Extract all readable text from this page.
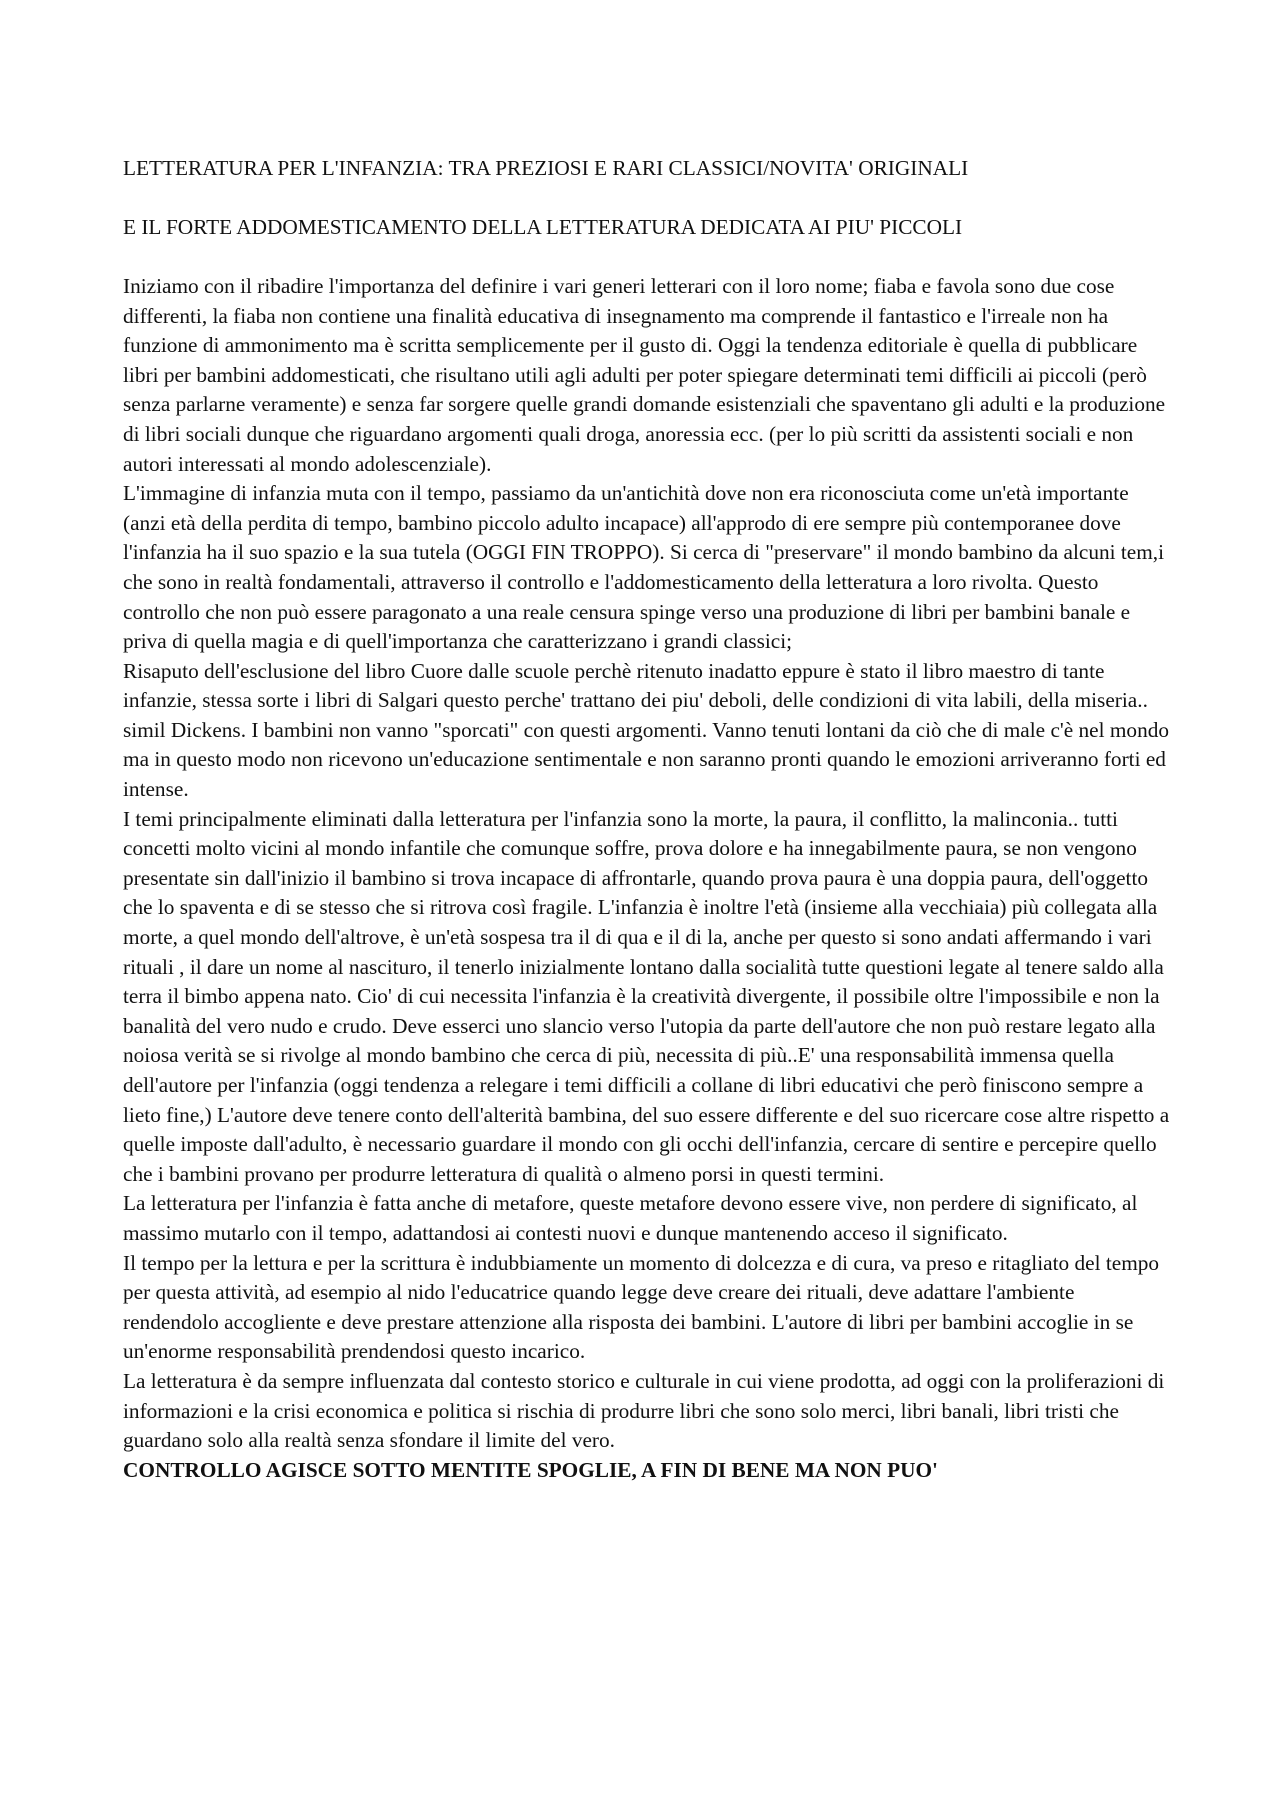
LETTERATURA PER L'INFANZIA: TRA PREZIOSI E RARI CLASSICI/NOVITA' ORIGINALI

E IL FORTE ADDOMESTICAMENTO DELLA LETTERATURA DEDICATA AI PIU' PICCOLI

Iniziamo con il ribadire l'importanza del definire i vari generi letterari con il loro nome; fiaba e favola sono due cose differenti, la fiaba non contiene una finalità educativa di insegnamento ma comprende il fantastico e l'irreale non ha funzione di ammonimento ma è scritta semplicemente per il gusto di. Oggi la tendenza editoriale è quella di pubblicare libri per bambini addomesticati, che risultano utili agli adulti per poter spiegare determinati temi difficili ai piccoli (però senza parlarne veramente) e senza far sorgere quelle grandi domande esistenziali che spaventano gli adulti e la produzione di libri sociali dunque che riguardano argomenti quali droga, anoressia ecc. (per lo più scritti da assistenti sociali e non autori interessati al mondo adolescenziale).

L'immagine di infanzia muta con il tempo, passiamo da un'antichità dove non era riconosciuta come un'età importante (anzi età della perdita di tempo, bambino piccolo adulto incapace) all'approdo di ere sempre più contemporanee dove l'infanzia ha il suo spazio e la sua tutela (OGGI FIN TROPPO). Si cerca di "preservare" il mondo bambino da alcuni tem,i che sono in realtà fondamentali, attraverso il controllo e l'addomesticamento della letteratura a loro rivolta. Questo controllo che non può essere paragonato a una reale censura spinge verso una produzione di libri per bambini banale e priva di quella magia e di quell'importanza che caratterizzano i grandi classici;

Risaputo dell'esclusione del libro Cuore dalle scuole perchè ritenuto inadatto eppure è stato il libro maestro di tante infanzie, stessa sorte i libri di Salgari questo perche' trattano dei piu' deboli, delle condizioni di vita labili, della miseria.. simil Dickens. I bambini non vanno "sporcati" con questi argomenti. Vanno tenuti lontani da ciò che di male c'è nel mondo ma in questo modo non ricevono un'educazione sentimentale e non saranno pronti quando le emozioni arriveranno forti ed intense.

I temi principalmente eliminati dalla letteratura per l'infanzia sono la morte, la paura, il conflitto, la malinconia.. tutti concetti molto vicini al mondo infantile che comunque soffre, prova dolore e ha innegabilmente paura, se non vengono presentate sin dall'inizio il bambino si trova incapace di affrontarle, quando prova paura è una doppia paura, dell'oggetto che lo spaventa e di se stesso che si ritrova così fragile. L'infanzia è inoltre l'età (insieme alla vecchiaia) più collegata alla morte, a quel mondo dell'altrove, è un'età sospesa tra il di qua e il di la, anche per questo si sono andati affermando i vari rituali , il dare un nome al nascituro, il tenerlo inizialmente lontano dalla socialità tutte questioni legate al tenere saldo alla terra il bimbo appena nato. Cio' di cui necessita l'infanzia è la creatività divergente, il possibile oltre l'impossibile e non la banalità del vero nudo e crudo. Deve esserci uno slancio verso l'utopia da parte dell'autore che non può restare legato alla noiosa verità se si rivolge al mondo bambino che cerca di più, necessita di più..E' una responsabilità immensa quella dell'autore per l'infanzia (oggi tendenza a relegare i temi difficili a collane di libri educativi che però finiscono sempre a lieto fine,) L'autore deve tenere conto dell'alterità bambina, del suo essere differente e del suo ricercare cose altre rispetto a quelle imposte dall'adulto, è necessario guardare il mondo con gli occhi dell'infanzia, cercare di sentire e percepire quello che i bambini provano per produrre letteratura di qualità o almeno porsi in questi termini.

La letteratura per l'infanzia è fatta anche di metafore, queste metafore devono essere vive, non perdere di significato, al massimo mutarlo con il tempo, adattandosi ai contesti nuovi e dunque mantenendo acceso il significato.

Il tempo per la lettura e per la scrittura è indubbiamente un momento di dolcezza e di cura, va preso e ritagliato del tempo per questa attività, ad esempio al nido l'educatrice quando legge deve creare dei rituali, deve adattare l'ambiente rendendolo accogliente e deve prestare attenzione alla risposta dei bambini. L'autore di libri per bambini accoglie in se un'enorme responsabilità prendendosi questo incarico.

La letteratura è da sempre influenzata dal contesto storico e culturale in cui viene prodotta, ad oggi con la proliferazioni di informazioni e la crisi economica e politica si rischia di produrre libri che sono solo merci, libri banali, libri tristi che guardano solo alla realtà senza sfondare il limite del vero.

CONTROLLO AGISCE SOTTO MENTITE SPOGLIE, A FIN DI BENE MA NON PUO'
